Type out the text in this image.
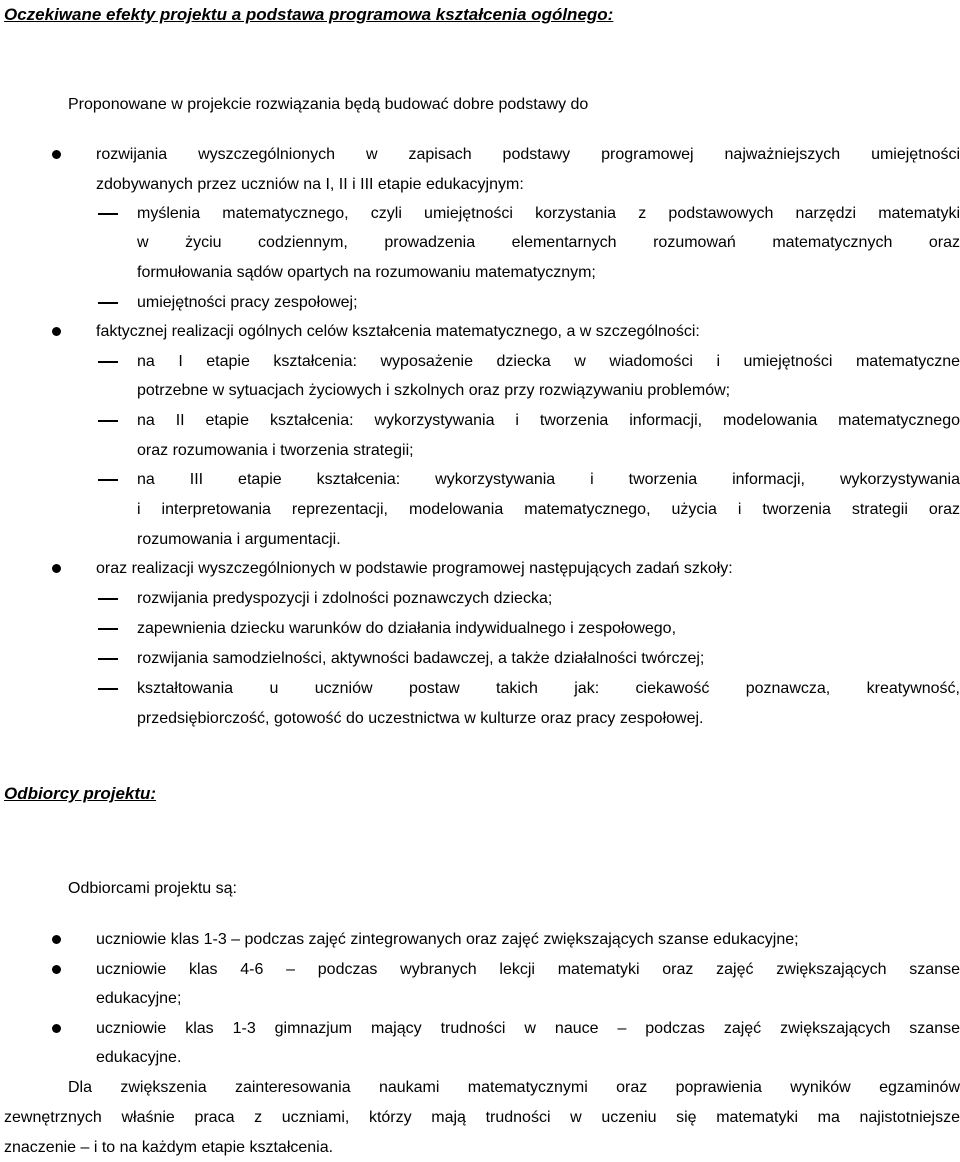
Oczekiwane efekty projektu a podstawa programowa kształcenia ogólnego:
Proponowane w projekcie rozwiązania będą budować dobre podstawy do
rozwijania wyszczególnionych w zapisach podstawy programowej najważniejszych umiejętności
zdobywanych przez uczniów na I, II i III etapie edukacyjnym:
myślenia matematycznego, czyli umiejętności korzystania z podstawowych narzędzi matematyki
w życiu codziennym, prowadzenia elementarnych rozumowań matematycznych oraz
formułowania sądów opartych na rozumowaniu matematycznym;
umiejętności pracy zespołowej;
faktycznej realizacji ogólnych celów kształcenia matematycznego, a w szczególności:
na I etapie kształcenia: wyposażenie dziecka w wiadomości i umiejętności matematyczne
potrzebne w sytuacjach życiowych i szkolnych oraz przy rozwiązywaniu problemów;
na II etapie kształcenia: wykorzystywania i tworzenia informacji, modelowania matematycznego
oraz rozumowania i tworzenia strategii;
na III etapie kształcenia: wykorzystywania i tworzenia informacji, wykorzystywania
i interpretowania reprezentacji, modelowania matematycznego, użycia i tworzenia strategii oraz
rozumowania i argumentacji.
oraz realizacji wyszczególnionych w podstawie programowej następujących zadań szkoły:
rozwijania predyspozycji i zdolności poznawczych dziecka;
zapewnienia dziecku warunków do działania indywidualnego i zespołowego,
rozwijania samodzielności, aktywności badawczej, a także działalności twórczej;
kształtowania u uczniów postaw takich jak: ciekawość poznawcza, kreatywność,
przedsiębiorczość, gotowość do uczestnictwa w kulturze oraz pracy zespołowej.
Odbiorcy projektu:
Odbiorcami projektu są:
uczniowie klas 1-3 – podczas zajęć zintegrowanych oraz zajęć zwiększających szanse edukacyjne;
uczniowie klas 4-6 – podczas wybranych lekcji matematyki oraz zajęć zwiększających szanse
edukacyjne;
uczniowie klas 1-3 gimnazjum mający trudności w nauce – podczas zajęć zwiększających szanse
edukacyjne.
Dla zwiększenia zainteresowania naukami matematycznymi oraz poprawienia wyników egzaminów
zewnętrznych właśnie praca z uczniami, którzy mają trudności w uczeniu się matematyki ma najistotniejsze
znaczenie – i to na każdym etapie kształcenia.
